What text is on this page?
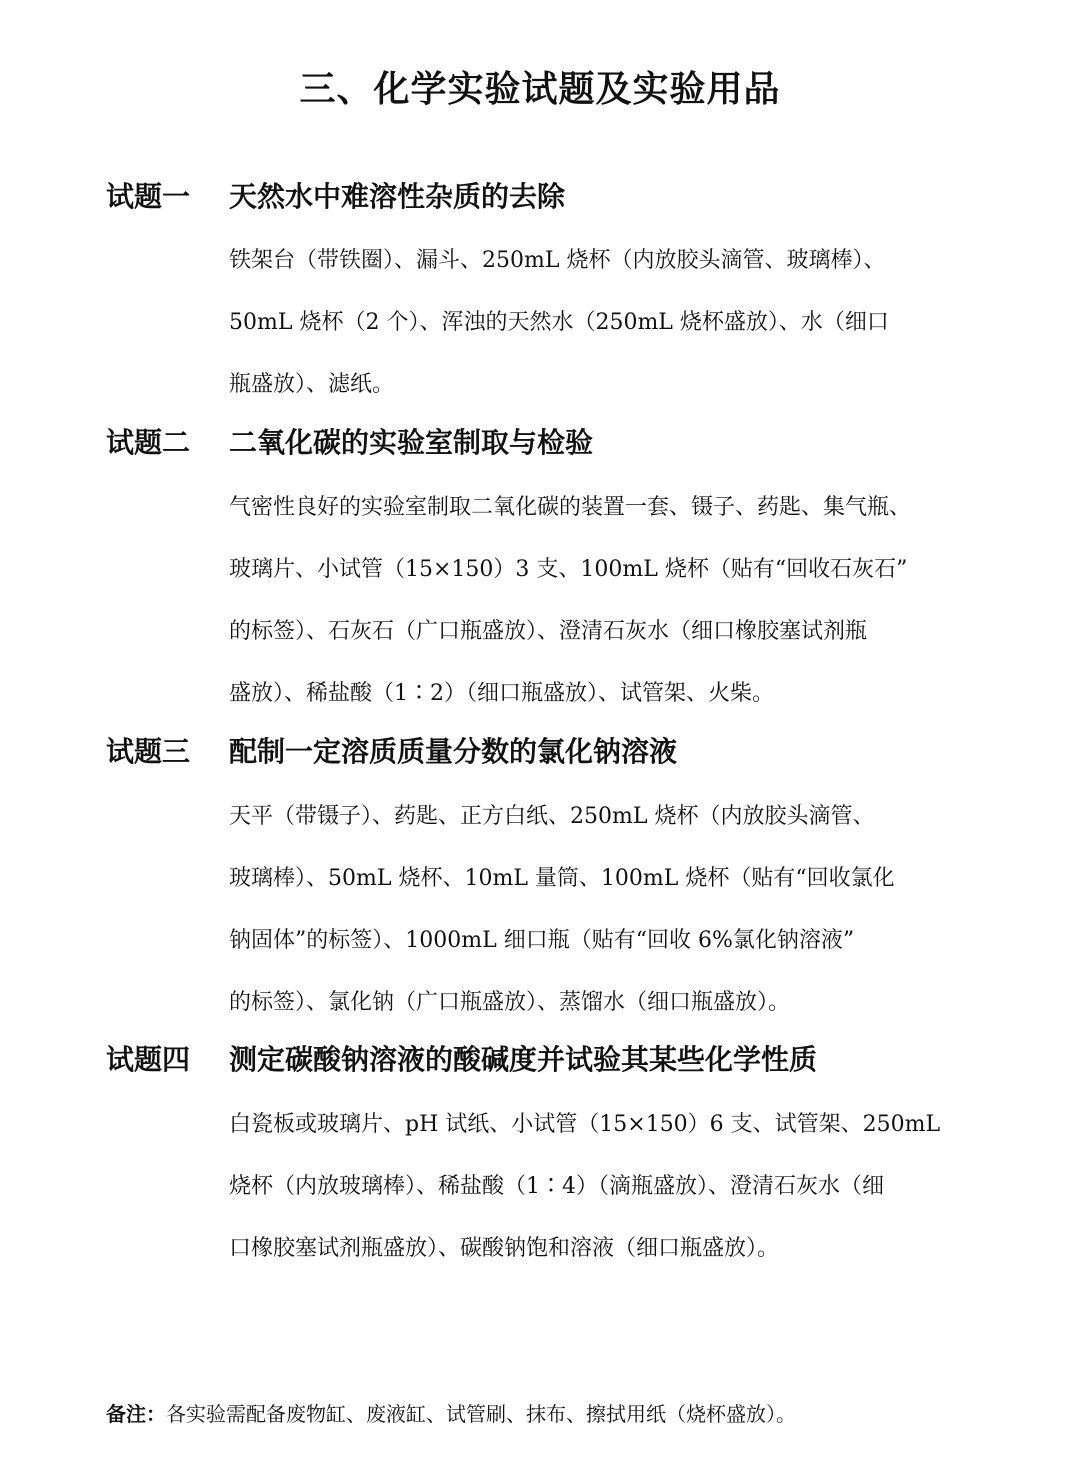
三、化学实验试题及实验用品
试题一 天然水中难溶性杂质的去除
铁架台（带铁圈）、漏斗、250mL 烧杯（内放胶头滴管、玻璃棒）、
50mL 烧杯（2 个）、浑浊的天然水（250mL 烧杯盛放）、水（细口
瓶盛放）、滤纸。
试题二 二氧化碳的实验室制取与检验
气密性良好的实验室制取二氧化碳的装置一套、镊子、药匙、集气瓶、
玻璃片、小试管（15×150）3 支、100mL 烧杯（贴有“回收石灰石”
的标签）、石灰石（广口瓶盛放）、澄清石灰水（细口橡胶塞试剂瓶
盛放）、稀盐酸（1∶2）（细口瓶盛放）、试管架、火柴。
试题三 配制一定溶质质量分数的氯化钠溶液
天平（带镊子）、药匙、正方白纸、250mL 烧杯（内放胶头滴管、
玻璃棒）、50mL 烧杯、10mL 量筒、100mL 烧杯（贴有“回收氯化
钠固体”的标签）、1000mL 细口瓶（贴有“回收 6%氯化钠溶液”
的标签）、氯化钠（广口瓶盛放）、蒸馏水（细口瓶盛放）。
试题四 测定碳酸钠溶液的酸碱度并试验其某些化学性质
白瓷板或玻璃片、pH 试纸、小试管（15×150）6 支、试管架、250mL
烧杯（内放玻璃棒）、稀盐酸（1∶4）（滴瓶盛放）、澄清石灰水（细
口橡胶塞试剂瓶盛放）、碳酸钠饱和溶液（细口瓶盛放）。
备注：各实验需配备废物缸、废液缸、试管刷、抹布、擦拭用纸（烧杯盛放）。
